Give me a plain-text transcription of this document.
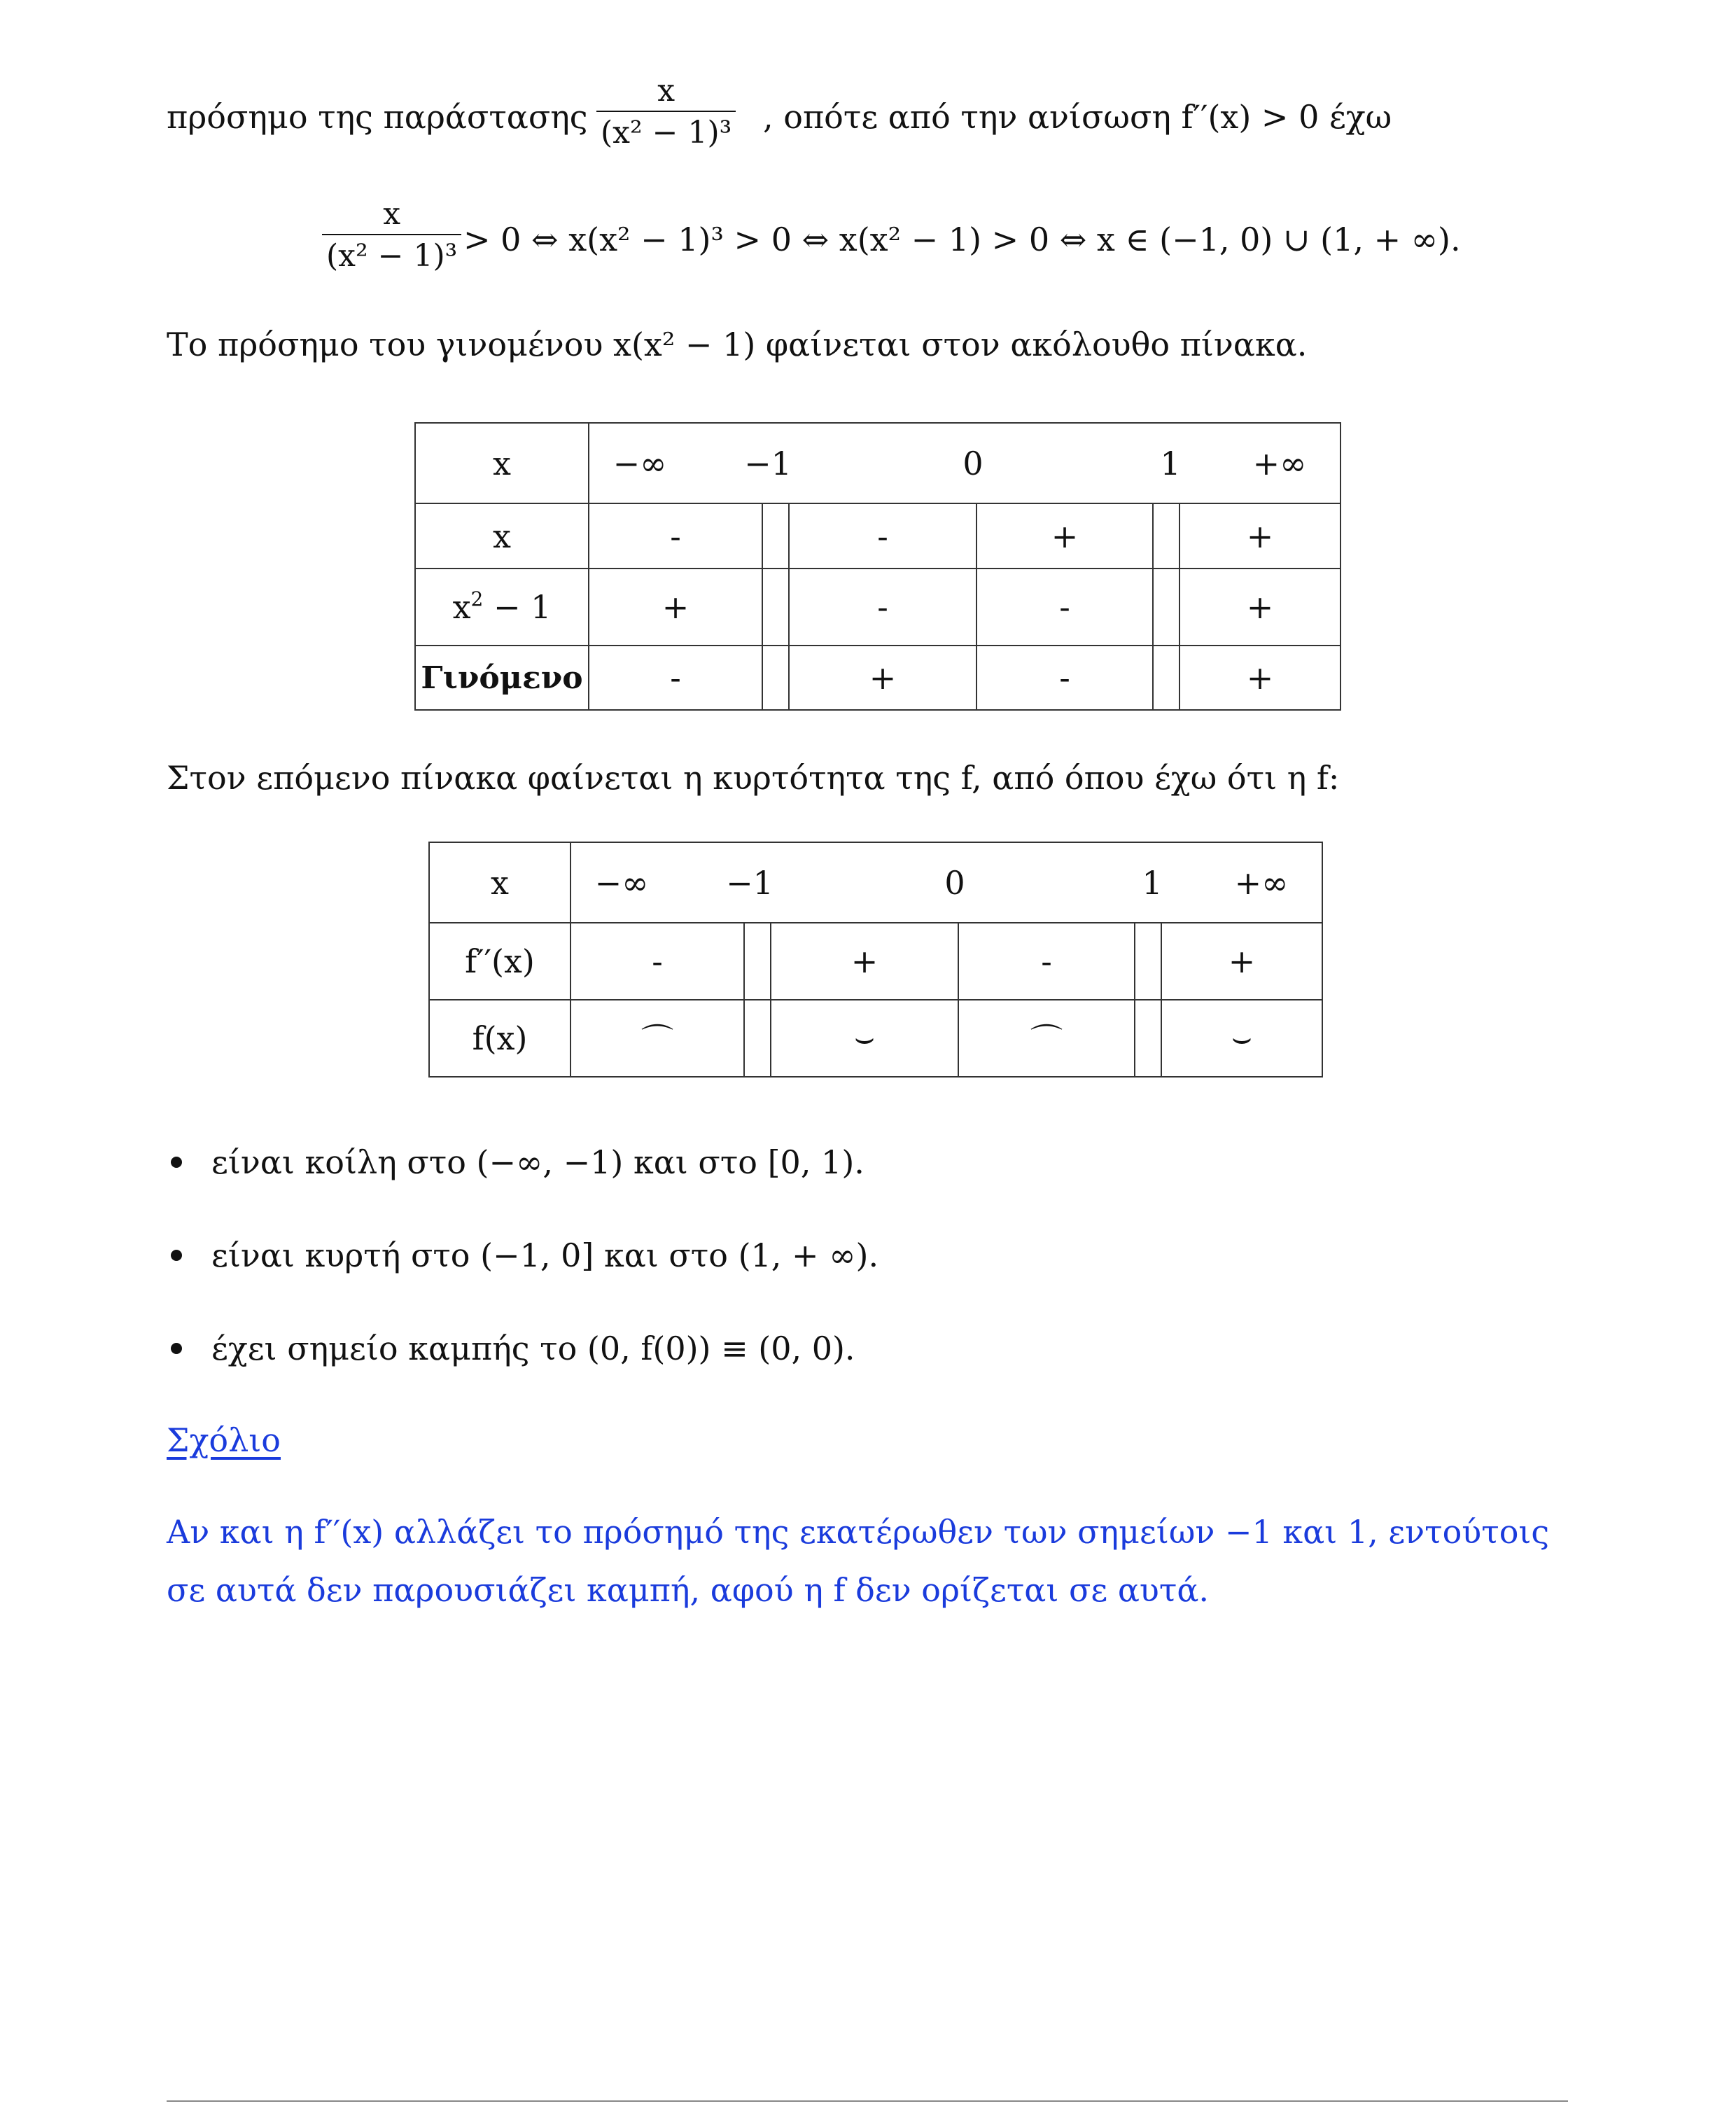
πρόσημο της παράστασης
x
(x² − 1)³ , οπότε από την ανίσωση f′′(x) > 0 έχω
x
(x² − 1)³ > 0 ⇔ x(x² − 1)³ > 0 ⇔ x(x² − 1) > 0 ⇔ x ∈ (−1, 0) ∪ (1, + ∞).
Το πρόσημο του γινομένου x(x² − 1) φαίνεται στον ακόλουθο πίνακα.
x	−∞ −1 0 1 +∞					

x	-		-	+		+
$x^2 - 1$	+		-	-		+
Γινόμενο	-		+	-		+
Στον επόμενο πίνακα φαίνεται η κυρτότητα της f, από όπου έχω ότι η f:
x	−∞ −1 0 1 +∞					

f′′(x)	-		+	-		+
f(x)	⌒		⌣	⌒		⌣
είναι κοίλη στο (−∞, −1) και στο [0, 1).
είναι κυρτή στο (−1, 0] και στο (1, + ∞).
έχει σημείο καμπής το (0, f(0)) ≡ (0, 0).
Σχόλιο
Αν και η f′′(x) αλλάζει το πρόσημό της εκατέρωθεν των σημείων −1 και 1, εντούτοις
σε αυτά δεν παρουσιάζει καμπή, αφού η f δεν ορίζεται σε αυτά.
